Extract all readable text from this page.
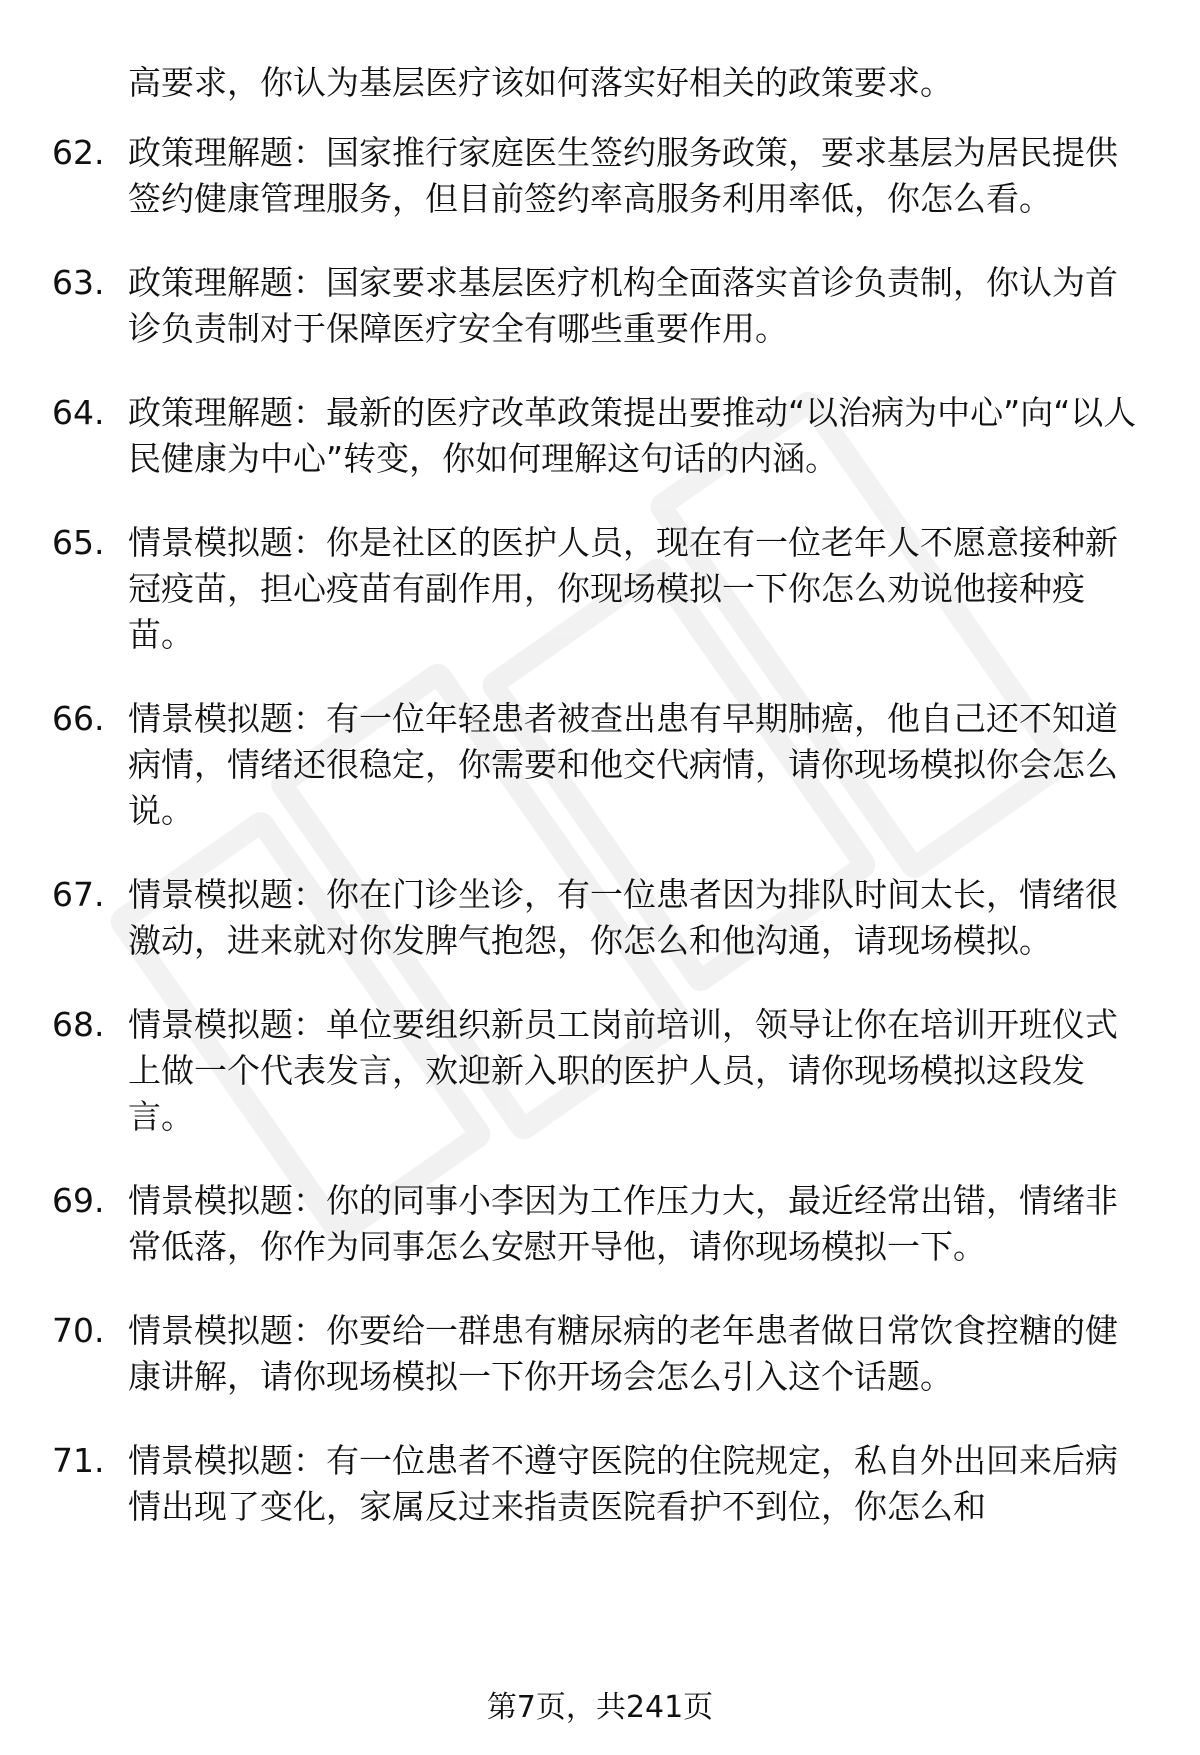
高要求，你认为基层医疗该如何落实好相关的政策要求。

62. 政策理解题：国家推行家庭医生签约服务政策，要求基层为居民提供签约健康管理服务，但目前签约率高服务利用率低，你怎么看。
63. 政策理解题：国家要求基层医疗机构全面落实首诊负责制，你认为首诊负责制对于保障医疗安全有哪些重要作用。
64. 政策理解题：最新的医疗改革政策提出要推动“以治病为中心”向“以人民健康为中心”转变，你如何理解这句话的内涵。
65. 情景模拟题：你是社区的医护人员，现在有一位老年人不愿意接种新冠疫苗，担心疫苗有副作用，你现场模拟一下你怎么劝说他接种疫苗。
66. 情景模拟题：有一位年轻患者被查出患有早期肺癌，他自己还不知道病情，情绪还很稳定，你需要和他交代病情，请你现场模拟你会怎么说。
67. 情景模拟题：你在门诊坐诊，有一位患者因为排队时间太长，情绪很激动，进来就对你发脾气抱怨，你怎么和他沟通，请现场模拟。
68. 情景模拟题：单位要组织新员工岗前培训，领导让你在培训开班仪式上做一个代表发言，欢迎新入职的医护人员，请你现场模拟这段发言。
69. 情景模拟题：你的同事小李因为工作压力大，最近经常出错，情绪非常低落，你作为同事怎么安慰开导他，请你现场模拟一下。
70. 情景模拟题：你要给一群患有糖尿病的老年患者做日常饮食控糖的健康讲解，请你现场模拟一下你开场会怎么引入这个话题。
71. 情景模拟题：有一位患者不遵守医院的住院规定，私自外出回来后病情出现了变化，家属反过来指责医院看护不到位，你怎么和
第7页，共241页
